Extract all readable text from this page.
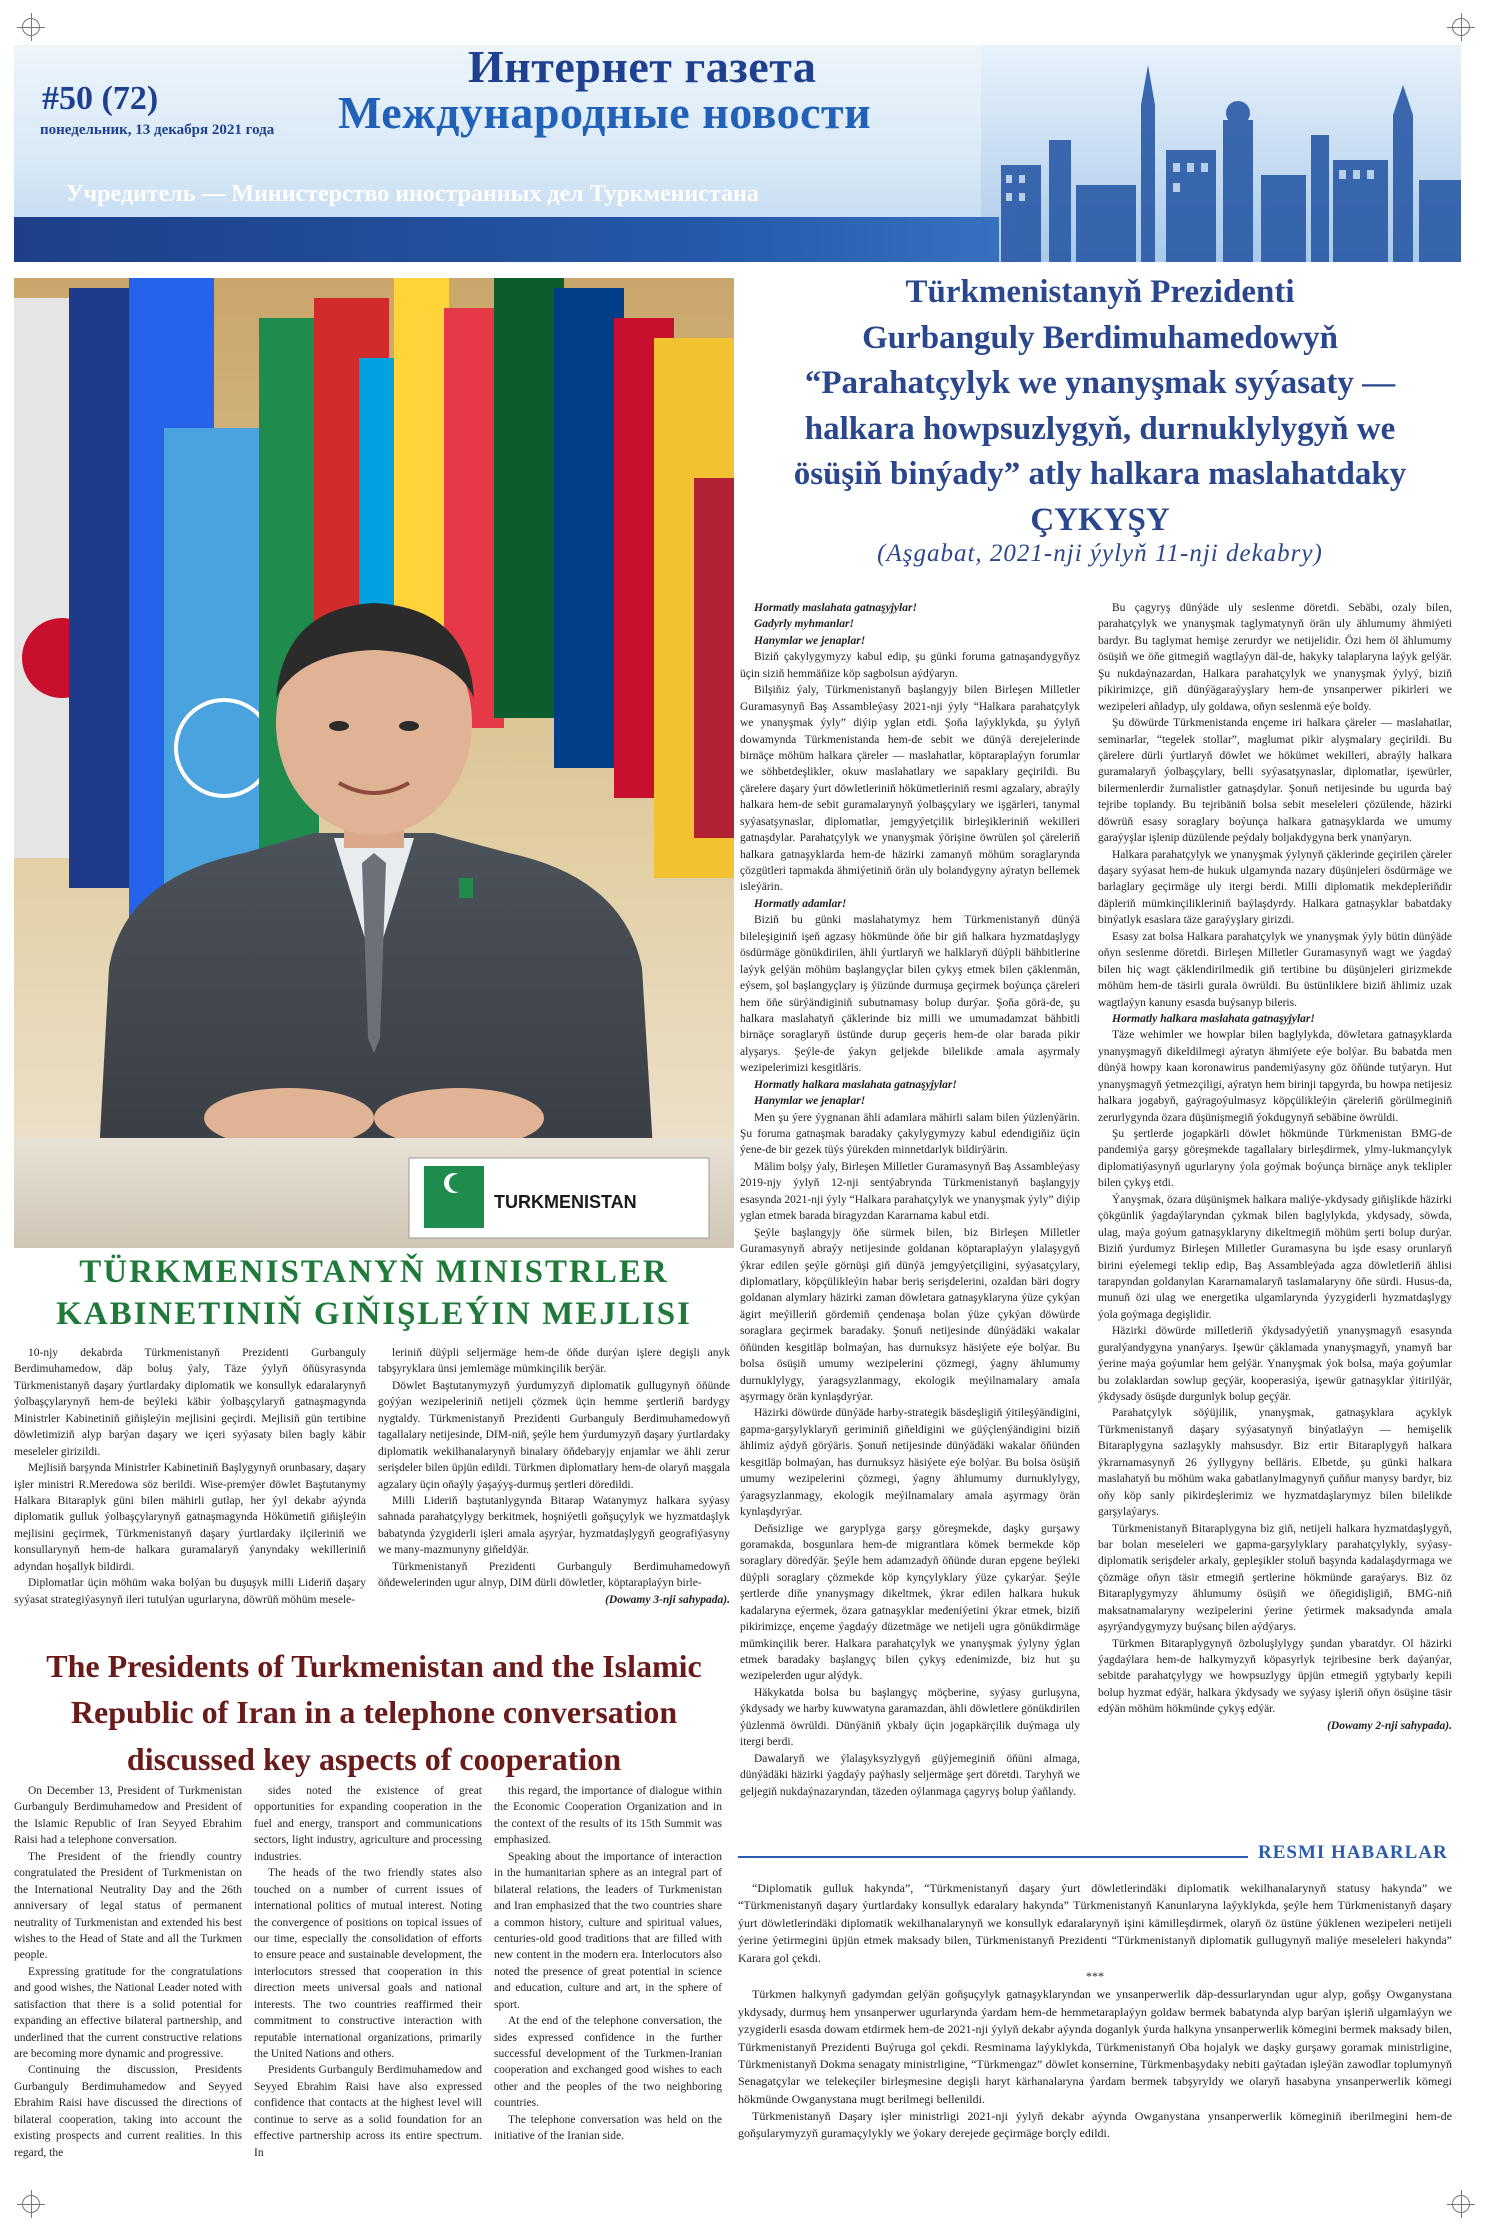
#50 (72)
понедельник, 13 декабря 2021 года
Интернет газета
Международные новости
Учредитель — Министерство иностранных дел Туркменистана
TURKMENISTAN
Türkmenistanyň Prezidenti
Gurbanguly Berdimuhamedowyň
“Parahatçylyk we ynanyşmak syýasaty —
halkara howpsuzlygyň, durnuklylygyň we
ösüşiň binýady” atly halkara maslahatdaky
ÇYKYŞY
(Aşgabat, 2021-nji ýylyň 11-nji dekabry)

Hormatly maslahata gatnaşyjylar!

Gadyrly myhmanlar!

Hanymlar we jenaplar!

Biziň çakylygymyzy kabul edip, şu günki foruma gatnaşandygyňyz üçin siziň hemmäňize köp sagbolsun aýdýaryn.

Bilşiňiz ýaly, Türkmenistanyň başlangyjy bilen Birleşen Milletler Guramasynyň Baş Assambleýasy 2021-nji ýyly “Halkara parahatçylyk we ynanyşmak ýyly” diýip yglan etdi. Şoňa laýyklykda, şu ýylyň dowamynda Türkmenistanda hem-de sebit we dünýä derejelerinde birnäçe möhüm halkara çäreler — maslahatlar, köptaraplaýyn forumlar we söhbetdeşlikler, okuw maslahatlary we sapaklary geçirildi. Bu çärelere daşary ýurt döwletleriniň hökümetleriniň resmi agzalary, abraýly halkara hem-de sebit guramalarynyň ýolbaşçylary we işgärleri, tanymal syýasatşynaslar, diplomatlar, jemgyýetçilik birleşikleriniň wekilleri gatnaşdylar. Parahatçylyk we ynanyşmak ýörişine öwrülen şol çäreleriň halkara gatnaşyklarda hem-de häzirki zamanyň möhüm soraglarynda çözgütleri tapmakda ähmiýetiniň örän uly bolandygyny aýratyn bellemek isleýärin.

Hormatly adamlar!

Biziň bu günki maslahatymyz hem Türkmenistanyň dünýä bileleşiginiň işeň agzasy hökmünde öňe bir giň halkara hyzmatdaşlygy ösdürmäge gönükdirilen, ähli ýurtlaryň we halklaryň düýpli bähbitlerine laýyk gelýän möhüm başlangyçlar bilen çykyş etmek bilen çäklenmän, eýsem, şol başlangyçlary iş ýüzünde durmuşa geçirmek boýunça çäreleri hem öňe sürýändiginiň subutnamasy bolup durýar. Şoňa görä-de, şu halkara maslahatyň çäklerinde biz milli we umumadamzat bähbitli birnäçe soraglaryň üstünde durup geçeris hem-de olar barada pikir alyşarys. Şeýle-de ýakyn geljekde bilelikde amala aşyrmaly wezipelerimizi kesgitläris.

Hormatly halkara maslahata gatnaşyjylar!

Hanymlar we jenaplar!

Men şu ýere ýygnanan ähli adamlara mähirli salam bilen ýüzlenýärin. Şu foruma gatnaşmak baradaky çakylygymyzy kabul edendigiňiz üçin ýene-de bir gezek tüýs ýürekden minnetdarlyk bildirýärin.

Mälim bolşy ýaly, Birleşen Milletler Guramasynyň Baş Assambleýasy 2019-njy ýylyň 12-nji sentýabrynda Türkmenistanyň başlangyjy esasynda 2021-nji ýyly “Halkara parahatçylyk we ynanyşmak ýyly” diýip yglan etmek barada biragyzdan Kararnama kabul etdi.

Şeýle başlangyjy öňe sürmek bilen, biz Birleşen Milletler Guramasynyň abraýy netijesinde goldanan köptaraplaýyn ylalaşygyň ýkrar edilen şeýle görnüşi giň dünýä jemgyýetçiligini, syýasatçylary, diplomatlary, köpçülikleýin habar beriş serişdelerini, ozaldan bäri dogry goldanan alymlary häzirki zaman döwletara gatnaşyklaryna ýüze çykýan ägirt meýilleriň gördemiň çendenaşa bolan ýüze çykýan döwürde soraglara geçirmek baradaky. Şonuň netijesinde dünýädäki wakalar öňünden kesgitläp bolmaýan, has durnuksyz häsiýete eýe bolýar. Bu bolsa ösüşiň umumy wezipelerini çözmegi, ýagny ählumumy durnuklylygy, ýaragsyzlanmagy, ekologik meýilnamalary amala aşyrmagy örän kynlaşdyrýar.

Häzirki döwürde dünýäde harby-strategik bäsdeşligiň ýitileşýändigini, gapma-garşylyklaryň geriminiň giňeldigini we güýçlenýändigini biziň ählimiz aýdyň görýäris. Şonuň netijesinde dünýädäki wakalar öňünden kesgitläp bolmaýan, has durnuksyz häsiýete eýe bolýar. Bu bolsa ösüşiň umumy wezipelerini çözmegi, ýagny ählumumy durnuklylygy, ýaragsyzlanmagy, ekologik meýilnamalary amala aşyrmagy örän kynlaşdyrýar.

Deňsizlige we garyplyga garşy göreşmekde, daşky gurşawy goramakda, bosgunlara hem-de migrantlara kömek bermekde köp soraglary döredýär. Şeýle hem adamzadyň öňünde duran epgene beýleki düýpli soraglary çözmekde köp kynçylyklary ýüze çykarýar. Şeýle şertlerde diňe ynanyşmagy dikeltmek, ýkrar edilen halkara hukuk kadalaryna eýermek, özara gatnaşyklar medeniýetini ýkrar etmek, biziň pikirimizçe, ençeme ýagdaýy düzetmäge we netijeli ugra gönükdirmäge mümkinçilik berer. Halkara parahatçylyk we ynanyşmak ýylyny ýglan etmek baradaky başlangyç bilen çykyş edenimizde, biz hut şu wezipelerden ugur alýdyk.

Häkykatda bolsa bu başlangyç möçberine, syýasy gurluşyna, ýkdysady we harby kuwwatyna garamazdan, ähli döwletlere gönükdirilen ýüzlenmä öwrüldi. Dünýäniň ykbaly üçin jogapkärçilik duýmaga uly itergi berdi.

Dawalaryň we ýlalaşyksyzlygyň güýjemeginiň öňüni almaga, dünýädäki häzirki ýagdaýy paýhasly seljermäge şert döretdi. Taryhyň we geljegiň nukdaýnazaryndan, täzeden oýlanmaga çagyryş bolup ýaňlandy.

Bu çagyryş dünýäde uly seslenme döretdi. Sebäbi, ozaly bilen, parahatçylyk we ynanyşmak taglymatynyň örän uly ählumumy ähmiýeti bardyr. Bu taglymat hemişe zerurdyr we netijelidir. Özi hem öl ählumumy ösüşiň we öňe gitmegiň wagtlaýyn däl-de, hakyky talaplaryna laýyk gelýär. Şu nukdaýnazardan, Halkara parahatçylyk we ynanyşmak ýylyý, biziň pikirimizçe, giň dünýägaraýyşlary hem-de ynsanperwer pikirleri we wezipeleri añladyp, uly goldawa, oňyn seslenmä eýe boldy.

Şu döwürde Türkmenistanda ençeme iri halkara çäreler — maslahatlar, seminarlar, “tegelek stollar”, maglumat pikir alyşmalary geçirildi. Bu çärelere dürli ýurtlaryň döwlet we hökümet wekilleri, abraýly halkara guramalaryň ýolbaşçylary, belli syýasatşynaslar, diplomatlar, işewürler, bilermenlerdir žurnalistler gatnaşdylar. Şonuň netijesinde bu ugurda baý tejribe toplandy. Bu tejribäniň bolsa sebit meseleleri çözülende, häzirki döwrüň esasy soraglary boýunça halkara gatnaşyklarda we umumy garaýyşlar işlenip düzülende peýdaly boljakdygyna berk ynanýaryn.

Halkara parahatçylyk we ynanyşmak ýylynyň çäklerinde geçirilen çäreler daşary syýasat hem-de hukuk ulgamynda nazary düşünjeleri ösdürmäge we barlaglary geçirmäge uly itergi berdi. Milli diplomatik mekdepleriňdir däpleriň mümkinçilikleriniň baýlaşdyrdy. Halkara gatnaşyklar babatdaky binýatlyk esaslara täze garaýyşlary girizdi.

Esasy zat bolsa Halkara parahatçylyk we ynanyşmak ýyly bütin dünýäde oňyn seslenme döretdi. Birleşen Milletler Guramasynyň wagt we ýagdaý bilen hiç wagt çäklendirilmedik giň tertibine bu düşünjeleri girizmekde möhüm hem-de täsirli gurala öwrüldi. Bu üstünliklere biziň ählimiz uzak wagtlaýyn kanuny esasda buýsanyp bileris.

Hormatly halkara maslahata gatnaşyjylar!

Täze wehimler we howplar bilen baglylykda, döwletara gatnaşyklarda ynanyşmagyň dikeldilmegi aýratyn ähmiýete eýe bolýar. Bu babatda men dünýä howpy kaan koronawirus pandemiýasyny göz öňünde tutýaryn. Hut ynanyşmagyň ýetmezçiligi, aýratyn hem birinji tapgyrda, bu howpa netijesiz halkara jogabyň, gaýragoýulmasyz köpçülikleýin çäreleriň görülmeginiň zerurlygynda özara düşünişmegiň ýokdugynyň sebäbine öwrüldi.

Şu şertlerde jogapkärli döwlet hökmünde Türkmenistan BMG-de pandemiýa garşy göreşmekde tagallalary birleşdirmek, ylmy-lukmançylyk diplomatiýasynyň ugurlaryny ýola goýmak boýunça birnäçe anyk teklipler bilen çykyş etdi.

Ýanyşmak, özara düşünişmek halkara maliýe-ykdysady giňişlikde häzirki çökgünlik ýagdaýlaryndan çykmak bilen baglylykda, ykdysady, söwda, ulag, maýa goýum gatnaşyklaryny dikeltmegiň möhüm şerti bolup durýar. Biziň ýurdumyz Birleşen Milletler Guramasyna bu işde esasy orunlaryň birini eýelemegi teklip edip, Baş Assambleýada agza döwletleriň ählisi tarapyndan goldanylan Kararnamalaryň taslamalaryny öňe sürdi. Husus-da, munuň özi ulag we energetika ulgamlarynda ýyzygiderli hyzmatdaşlygy ýola goýmaga degişlidir.

Häzirki döwürde milletleriň ýkdysadyýetiň ynanyşmagyň esasynda guralýandygyna ynanýarys. Işewür çäklamada ynanyşmagyň, ynamyň bar ýerine maýa goýumlar hem gelýär. Ynanyşmak ýok bolsa, maýa goýumlar bu zolaklardan sowlup geçýär, kooperasiýa, işewür gatnaşyklar ýitirilýär, ýkdysady ösüşde durgunlyk bolup geçýär.

Parahatçylyk söýüjilik, ynanyşmak, gatnaşyklara açyklyk Türkmenistanyň daşary syýasatynyň binýatlaýyn — hemişelik Bitaraplygyna sazlaşykly mahsusdyr. Biz ertir Bitaraplygyň halkara ýkrarnamasynyň 26 ýyllygyny belläris. Elbetde, şu günki halkara maslahatyň bu möhüm waka gabatlanylmagynyň çuňňur manysy bardyr, biz oňy köp sanly pikirdeşlerimiz we hyzmatdaşlarymyz bilen bilelikde garşylaýarys.

Türkmenistanyň Bitaraplygyna biz giň, netijeli halkara hyzmatdaşlygyň, bar bolan meseleleri we gapma-garşylyklary parahatçylykly, syýasy-diplomatik serişdeler arkaly, gepleşikler stoluň başynda kadalaşdyrmaga we çözmäge oňyn täsir etmegiň şertlerine hökmünde garaýarys. Biz öz Bitaraplygymyzy ählumumy ösüşiň we öňegidişligiň, BMG-niň maksatnamalaryny wezipelerini ýerine ýetirmek maksadynda amala aşyrýandygymyzy buýsanç bilen aýdýarys.

Türkmen Bitaraplygynyň özboluşlylygy şundan ybaratdyr. Ol häzirki ýagdaýlara hem-de halkymyzyň köpasyrlyk tejribesine berk daýanýar, sebitde parahatçylygy we howpsuzlygy üpjün etmegiň ygtybarly kepili bolup hyzmat edýär, halkara ýkdysady we syýasy işleriň oňyn ösüşine täsir edýän möhüm hökmünde çykyş edýär.

(Dowamy 2-nji sahypada).

TÜRKMENISTANYŇ MINISTRLER
KABINETINIŇ GIŇIŞLEÝIN MEJLISI

10-njy dekabrda Türkmenistanyň Prezidenti Gurbanguly Berdimuhamedow, däp boluş ýaly, Täze ýylyň öňüsyrasynda Türkmenistanyň daşary ýurtlardaky diplomatik we konsullyk edaralarynyň ýolbaşçylarynyň hem-de beýleki käbir ýolbaşçylaryň gatnaşmagynda Ministrler Kabinetiniň giňişleýin mejlisini geçirdi. Mejlisiň gün tertibine döwletimiziň alyp barýan daşary we içeri syýasaty bilen bagly käbir meseleler girizildi.

Mejlisiň barşynda Ministrler Kabinetiniň Başlygynyň orunbasary, daşary işler ministri R.Meredowa söz berildi. Wise-premýer döwlet Baştutanymy Halkara Bitaraplyk güni bilen mähirli gutlap, her ýyl dekabr aýynda diplomatik gulluk ýolbaşçylarynyň gatnaşmagynda Hökümetiň giňişleýin mejlisini geçirmek, Türkmenistanyň daşary ýurtlardaky ilçileriniň we konsullarynyň hem-de halkara guramalaryň ýanyndaky wekilleriniň adyndan hoşallyk bildirdi.

Diplomatlar üçin möhüm waka bolýan bu duşuşyk milli Lideriň daşary syýasat strategiýasynyň ileri tutulýan ugurlaryna, döwrüň möhüm mesele-

leriniň düýpli seljermäge hem-de öňde durýan işlere degişli anyk tabşyryklara ünsi jemlemäge mümkinçilik berýär.

Döwlet Baştutanymyzyň ýurdumyzyň diplomatik gullugynyň öňünde goýýan wezipeleriniň netijeli çözmek üçin hemme şertleriň bardygy nygtaldy. Türkmenistanyň Prezidenti Gurbanguly Berdimuhamedowyň tagallalary netijesinde, DIM-niň, şeýle hem ýurdumyzyň daşary ýurtlardaky diplomatik wekilhanalarynyň binalary öňdebaryjy enjamlar we ähli zerur serişdeler bilen üpjün edildi. Türkmen diplomatlary hem-de olaryň maşgala agzalary üçin oňaýly ýaşaýyş-durmuş şertleri döredildi.

Milli Lideriň baştutanlygynda Bitarap Watanymyz halkara syýasy sahnada parahatçylygy berkitmek, hoşniýetli goňşuçylyk we hyzmatdaşlyk babatynda ýzygiderli işleri amala aşyrýar, hyzmatdaşlygyň geografiýasyny we many-mazmunyny giňeldýär.

Türkmenistanyň Prezidenti Gurbanguly Berdimuhamedowyň öňdewelerinden ugur alnyp, DIM dürli döwletler, köptaraplaýyn birle-

(Dowamy 3-nji sahypada).

The Presidents of Turkmenistan and the Islamic
Republic of Iran in a telephone conversation
discussed key aspects of cooperation

On December 13, President of Turkmenistan Gurbanguly Berdimuhamedow and President of the Islamic Republic of Iran Seyyed Ebrahim Raisi had a telephone conversation.

The President of the friendly country congratulated the President of Turkmenistan on the International Neutrality Day and the 26th anniversary of legal status of permanent neutrality of Turkmenistan and extended his best wishes to the Head of State and all the Turkmen people.

Expressing gratitude for the congratulations and good wishes, the National Leader noted with satisfaction that there is a solid potential for expanding an effective bilateral partnership, and underlined that the current constructive relations are becoming more dynamic and progressive.

Continuing the discussion, Presidents Gurbanguly Berdimuhamedow and Seyyed Ebrahim Raisi have discussed the directions of bilateral cooperation, taking into account the existing prospects and current realities. In this regard, the

sides noted the existence of great opportunities for expanding cooperation in the fuel and energy, transport and communications sectors, light industry, agriculture and processing industries.

The heads of the two friendly states also touched on a number of current issues of international politics of mutual interest. Noting the convergence of positions on topical issues of our time, especially the consolidation of efforts to ensure peace and sustainable development, the interlocutors stressed that cooperation in this direction meets universal goals and national interests. The two countries reaffirmed their commitment to constructive interaction with reputable international organizations, primarily the United Nations and others.

Presidents Gurbanguly Berdimuhamedow and Seyyed Ebrahim Raisi have also expressed confidence that contacts at the highest level will continue to serve as a solid foundation for an effective partnership across its entire spectrum. In

this regard, the importance of dialogue within the Economic Cooperation Organization and in the context of the results of its 15th Summit was emphasized.

Speaking about the importance of interaction in the humanitarian sphere as an integral part of bilateral relations, the leaders of Turkmenistan and Iran emphasized that the two countries share a common history, culture and spiritual values, centuries-old good traditions that are filled with new content in the modern era. Interlocutors also noted the presence of great potential in science and education, culture and art, in the sphere of sport.

At the end of the telephone conversation, the sides expressed confidence in the further successful development of the Turkmen-Iranian cooperation and exchanged good wishes to each other and the peoples of the two neighboring countries.

The telephone conversation was held on the initiative of the Iranian side.

RESMI HABARLAR

“Diplomatik gulluk hakynda”, “Türkmenistanyň daşary ýurt döwletlerindäki diplomatik wekilhanalarynyň statusy hakynda” we “Türkmenistanyň daşary ýurtlardaky konsullyk edaralary hakynda” Türkmenistanyň Kanunlaryna laýyklykda, şeýle hem Türkmenistanyň daşary ýurt döwletlerindäki diplomatik wekilhanalarynyň we konsullyk edaralarynyň işini kämilleşdirmek, olaryň öz üstüne ýüklenen wezipeleri netijeli ýerine ýetirmegini üpjün etmek maksady bilen, Türkmenistanyň Prezidenti “Türkmenistanyň diplomatik gullugynyň maliýe meseleleri hakynda” Karara gol çekdi.

***

Türkmen halkynyň gadymdan gelýän goňşuçylyk gatnaşyklaryndan we ynsanperwerlik däp-dessurlaryndan ugur alyp, goňşy Owganystana ykdysady, durmuş hem ynsanperwer ugurlarynda ýardam hem-de hemmetaraplaýyn goldaw bermek babatynda alyp barýan işleriň ulgamlaýyn we yzygiderli esasda dowam etdirmek hem-de 2021-nji ýylyň dekabr aýynda doganlyk ýurda halkyna ynsanperwerlik kömegini bermek maksady bilen, Türkmenistanyň Prezidenti Buýruga gol çekdi. Resminama laýyklykda, Türkmenistanyň Oba hojalyk we daşky gurşawy goramak ministrligine, Türkmenistanyň Dokma senagaty ministrligine, “Türkmengaz” döwlet konsernine, Türkmenbaşydaky nebiti gaýtadan işleýän zawodlar toplumynyň Senagatçylar we telekeçiler birleşmesine degişli haryt kärhanalaryna ýardam bermek tabşyryldy we olaryň hasabyna ynsanperwerlik kömegi hökmünde Owganystana mugt berilmegi bellenildi.

Türkmenistanyň Daşary işler ministrligi 2021-nji ýylyň dekabr aýynda Owganystana ynsanperwerlik kömeginiň iberilmegini hem-de goňşularymyzyň guramaçylykly we ýokary derejede geçirmäge borçly edildi.
